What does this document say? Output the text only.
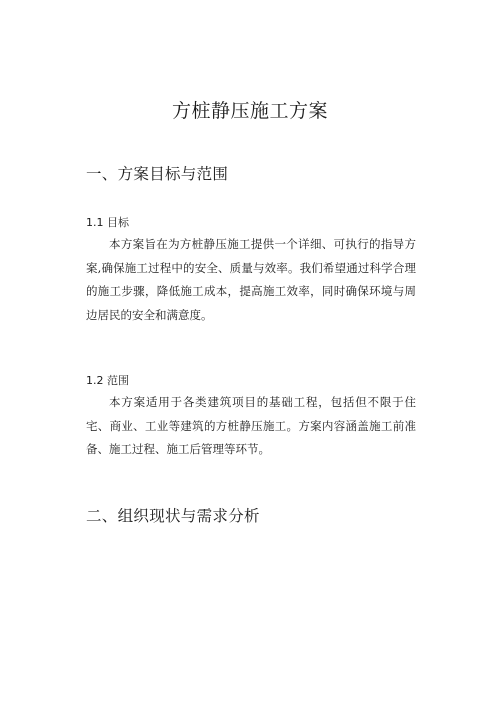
方桩静压施工方案
一、方案目标与范围
1.1 目标

本方案旨在为方桩静压施工提供一个详细、可执行的指导方案,确保施工过程中的安全、质量与效率。我们希望通过科学合理的施工步骤，降低施工成本，提高施工效率，同时确保环境与周边居民的安全和满意度。

1.2 范围

本方案适用于各类建筑项目的基础工程，包括但不限于住宅、商业、工业等建筑的方桩静压施工。方案内容涵盖施工前准备、施工过程、施工后管理等环节。

二、组织现状与需求分析
